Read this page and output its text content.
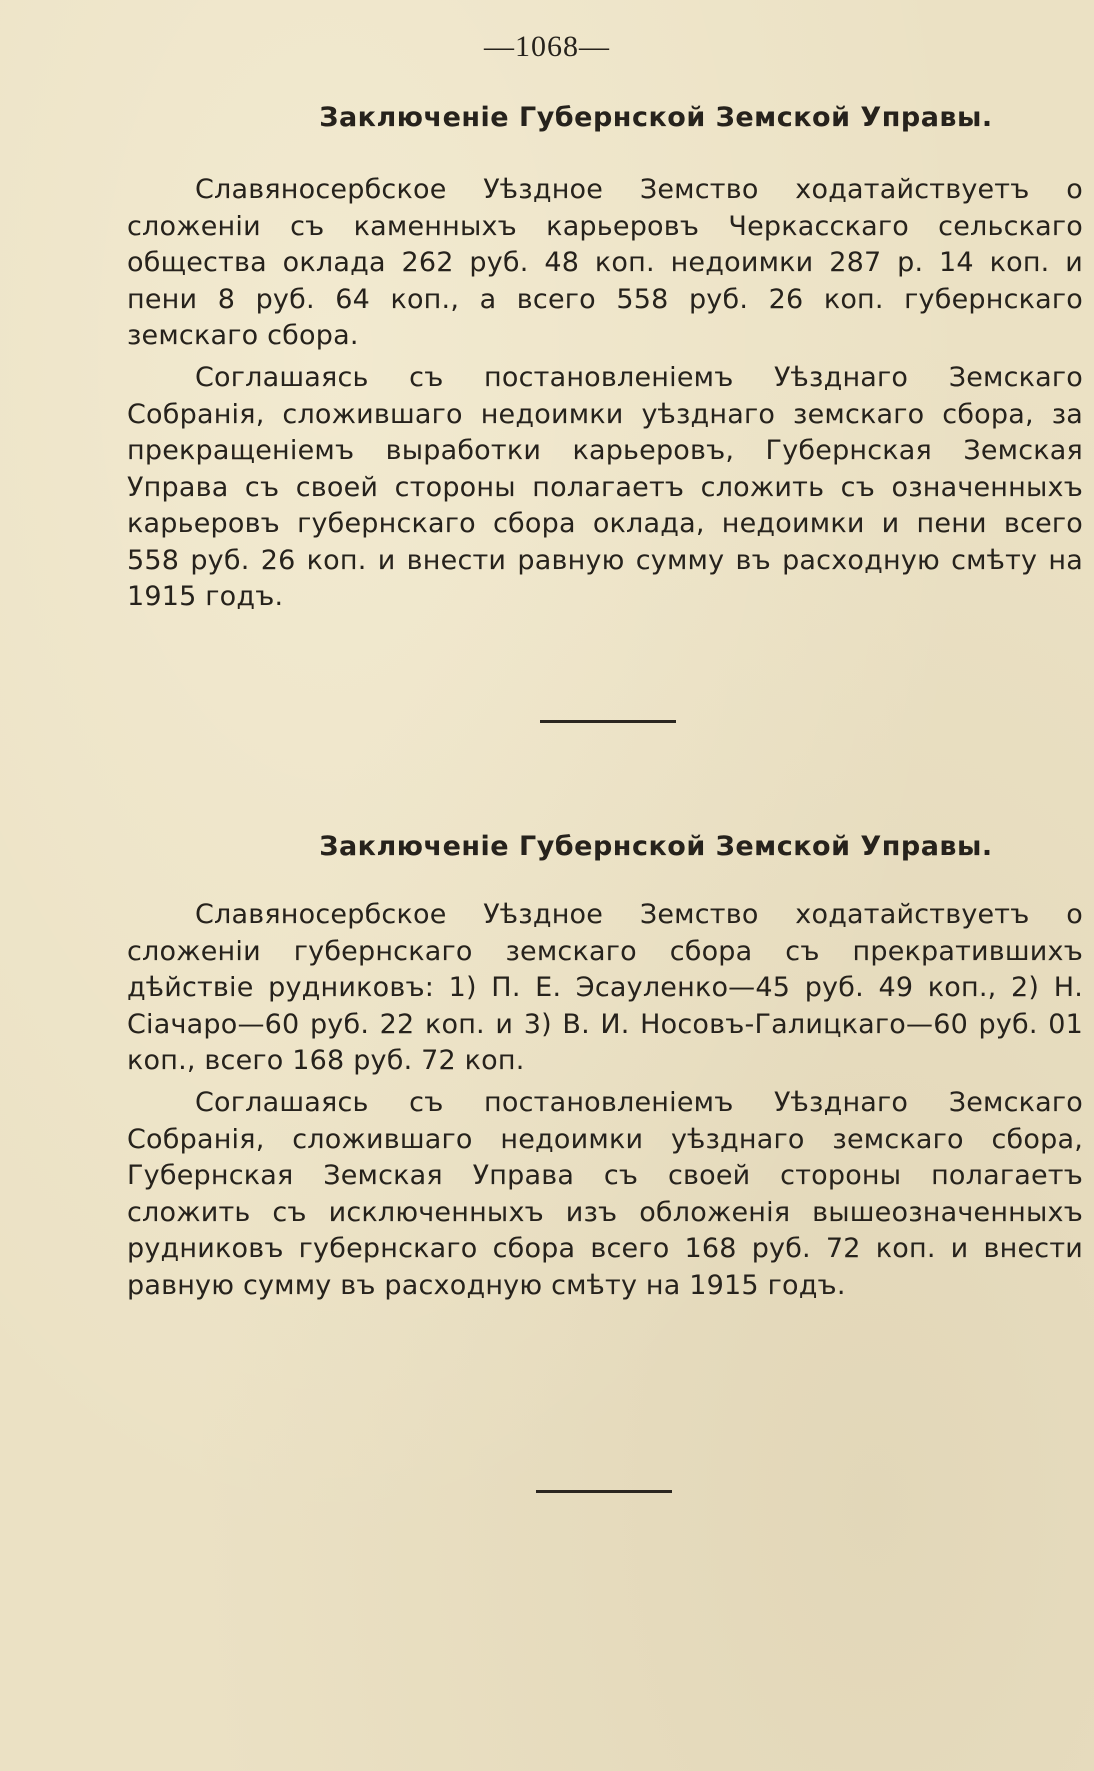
—1068—
Заключеніе Губернской Земской Управы.

Славяносербское Уѣздное Земство ходатайствуетъ о сложеніи съ каменныхъ карьеровъ Черкасскаго сельскаго общества оклада 262 руб. 48 коп. недоимки 287 р. 14 коп. и пени 8 руб. 64 коп., а всего 558 руб. 26 коп. губернскаго земскаго сбора.

Соглашаясь съ постановленіемъ Уѣзднаго Земскаго Собранія, сложившаго недоимки уѣзднаго земскаго сбора, за прекращеніемъ выработки карьеровъ, Губернская Земская Управа съ своей стороны полагаетъ сложить съ означенныхъ карьеровъ губернскаго сбора оклада, недоимки и пени всего 558 руб. 26 коп. и внести равную сумму въ расходную смѣту на 1915 годъ.

Заключеніе Губернской Земской Управы.

Славяносербское Уѣздное Земство ходатайствуетъ о сложеніи губернскаго земскаго сбора съ прекратившихъ дѣйствіе рудниковъ: 1) П. Е. Эсауленко—45 руб. 49 коп., 2) Н. Сіачаро—60 руб. 22 коп. и 3) В. И. Носовъ-Галицкаго—60 руб. 01 коп., всего 168 руб. 72 коп.

Соглашаясь съ постановленіемъ Уѣзднаго Земскаго Собранія, сложившаго недоимки уѣзднаго земскаго сбора, Губернская Земская Управа съ своей стороны полагаетъ сложить съ исключенныхъ изъ обложенія вышеозначенныхъ рудниковъ губернскаго сбора всего 168 руб. 72 коп. и внести равную сумму въ расходную смѣту на 1915 годъ.
